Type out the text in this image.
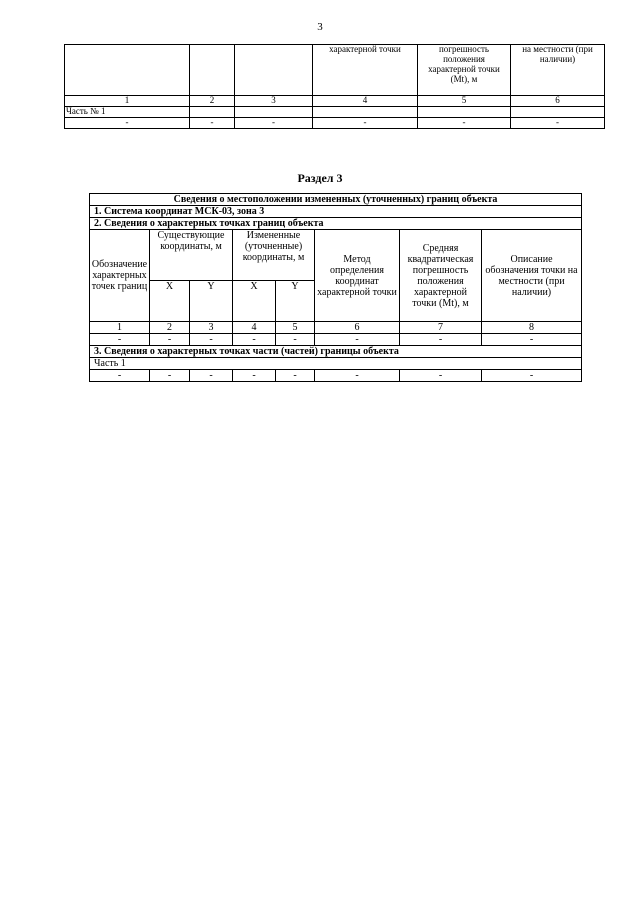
3
			характерной точки	погрешность положения характерной точки (Mt), м	на местности (при наличии)
1	2	3	4	5	6
Часть № 1					
-	-	-	-	-	-
Раздел 3
Сведения о местоположении измененных (уточненных) границ объекта							
1. Система координат МСК-03, зона 3							
2. Сведения о характерных точках границ объекта							
Обозначение характерных точек границ	Существующие координаты, м		Измененные (уточненные) координаты, м		Метод определения координат характерной точки	Средняя квадратическая погрешность положения характерной точки (Mt), м	Описание обозначения точки на местности (при наличии)
	X	Y	X	Y			
1	2	3	4	5	6	7	8
-	-	-	-	-	-	-	-
3. Сведения о характерных точках части (частей) границы объекта							
Часть 1							
-	-	-	-	-	-	-	-
